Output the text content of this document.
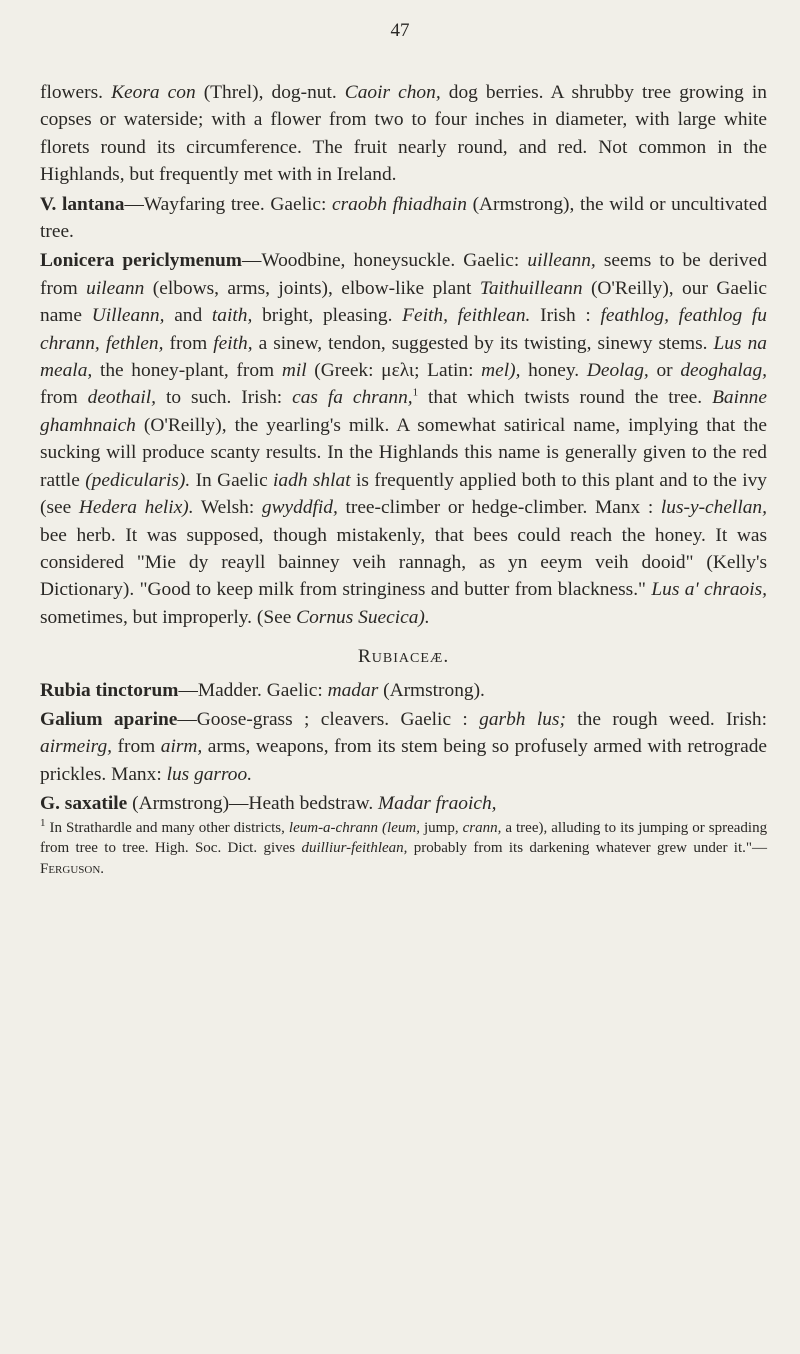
47

flowers. Keora con (Threl), dog-nut. Caoir chon, dog berries. A shrubby tree growing in copses or waterside; with a flower from two to four inches in diameter, with large white florets round its circumference. The fruit nearly round, and red. Not common in the Highlands, but frequently met with in Ireland.

V. lantana—Wayfaring tree. Gaelic: craobh fhiadhain (Armstrong), the wild or uncultivated tree.

Lonicera periclymenum—Woodbine, honeysuckle. Gaelic: uilleann, seems to be derived from uileann (elbows, arms, joints), elbow-like plant Taithuilleann (O'Reilly), our Gaelic name Uilleann, and taith, bright, pleasing. Feith, feithlean. Irish : feathlog, feathlog fu chrann, fethlen, from feith, a sinew, tendon, suggested by its twisting, sinewy stems. Lus na meala, the honey-plant, from mil (Greek: μελι; Latin: mel), honey. Deolag, or deoghalag, from deothail, to such. Irish: cas fa chrann,$^1$ that which twists round the tree. Bainne ghamhnaich (O'Reilly), the yearling's milk. A somewhat satirical name, implying that the sucking will produce scanty results. In the Highlands this name is generally given to the red rattle (pedicularis). In Gaelic iadh shlat is frequently applied both to this plant and to the ivy (see Hedera helix). Welsh: gwyddfid, tree-climber or hedge-climber. Manx : lus-y-chellan, bee herb. It was supposed, though mistakenly, that bees could reach the honey. It was considered "Mie dy reayll bainney veih rannagh, as yn eeym veih dooid" (Kelly's Dictionary). "Good to keep milk from stringiness and butter from blackness." Lus a' chraois, sometimes, but improperly. (See Cornus Suecica).

Rubiaceæ.

Rubia tinctorum—Madder. Gaelic: madar (Armstrong).

Galium aparine—Goose-grass ; cleavers. Gaelic : garbh lus; the rough weed. Irish: airmeirg, from airm, arms, weapons, from its stem being so profusely armed with retrograde prickles. Manx: lus garroo.

G. saxatile (Armstrong)—Heath bedstraw. Madar fraoich,

$^1$ In Strathardle and many other districts, leum-a-chrann (leum, jump, crann, a tree), alluding to its jumping or spreading from tree to tree. High. Soc. Dict. gives duilliur-feithlean, probably from its darkening whatever grew under it."—Ferguson.
